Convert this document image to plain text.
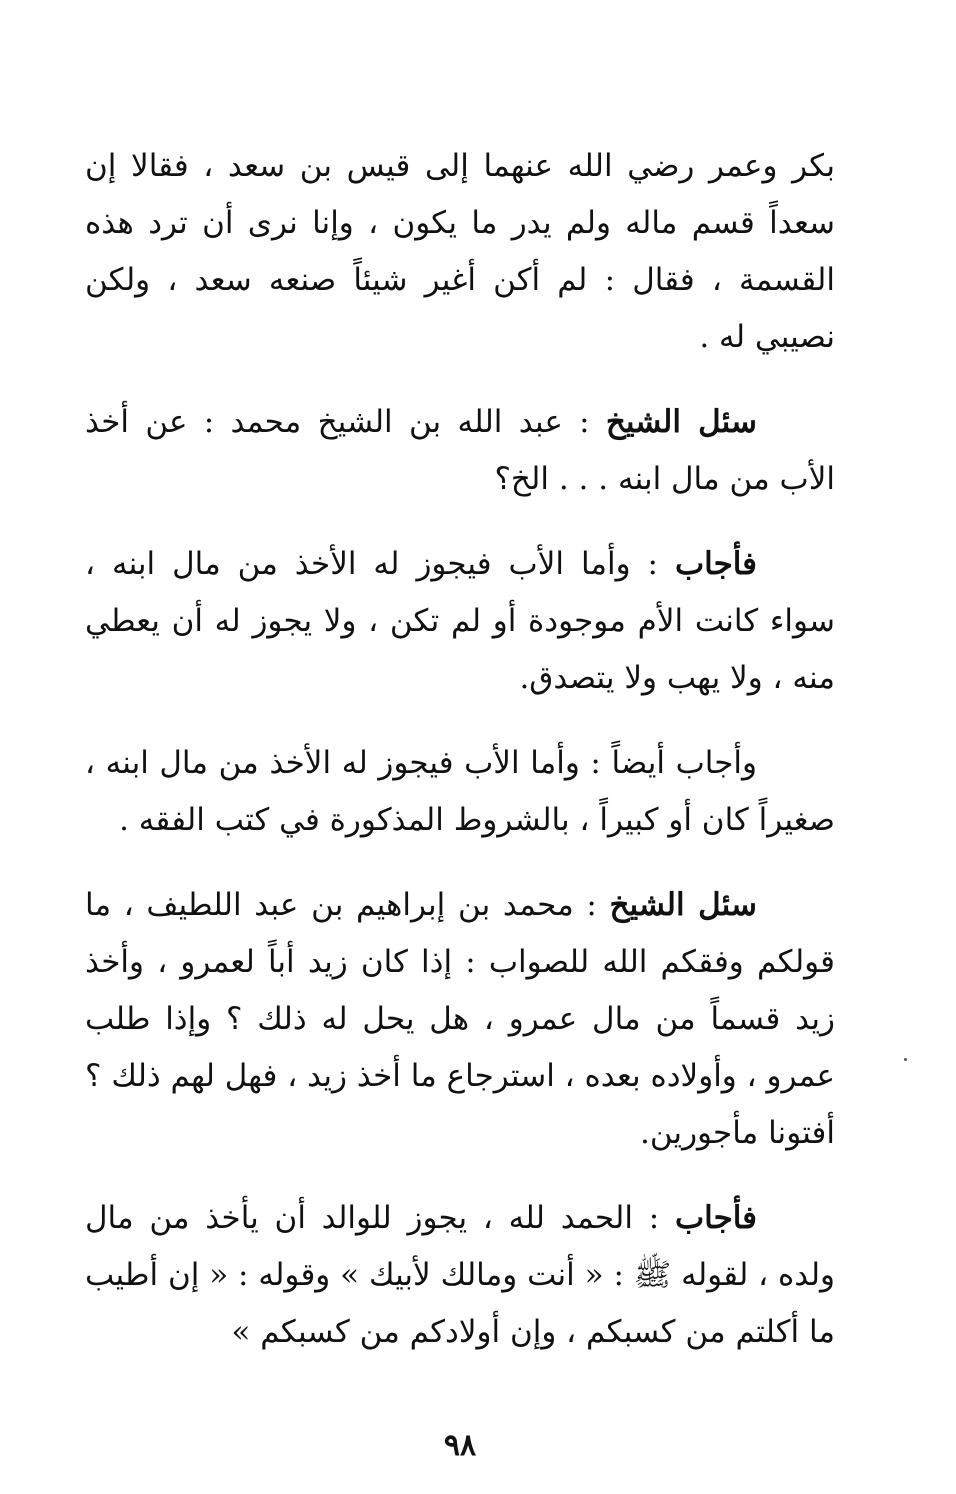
بكر وعمر رضي الله عنهما إلى قيس بن سعد ، فقالا إن سعداً قسم ماله ولم يدر ما يكون ، وإنا نرى أن ترد هذه القسمة ، فقال : لم أكن أغير شيئاً صنعه سعد ، ولكن نصيبي له .

سئل الشيخ : عبد الله بن الشيخ محمد : عن أخذ الأب من مال ابنه . . . الخ؟

فأجاب : وأما الأب فيجوز له الأخذ من مال ابنه ، سواء كانت الأم موجودة أو لم تكن ، ولا يجوز له أن يعطي منه ، ولا يهب ولا يتصدق.

وأجاب أيضاً : وأما الأب فيجوز له الأخذ من مال ابنه ، صغيراً كان أو كبيراً ، بالشروط المذكورة في كتب الفقه .

سئل الشيخ : محمد بن إبراهيم بن عبد اللطيف ، ما قولكم وفقكم الله للصواب : إذا كان زيد أباً لعمرو ، وأخذ زيد قسماً من مال عمرو ، هل يحل له ذلك ؟ وإذا طلب عمرو ، وأولاده بعده ، استرجاع ما أخذ زيد ، فهل لهم ذلك ؟ أفتونا مأجورين.

فأجاب : الحمد لله ، يجوز للوالد أن يأخذ من مال ولده ، لقوله ﷺ : « أنت ومالك لأبيك » وقوله : « إن أطيب ما أكلتم من كسبكم ، وإن أولادكم من كسبكم »

٩٨
